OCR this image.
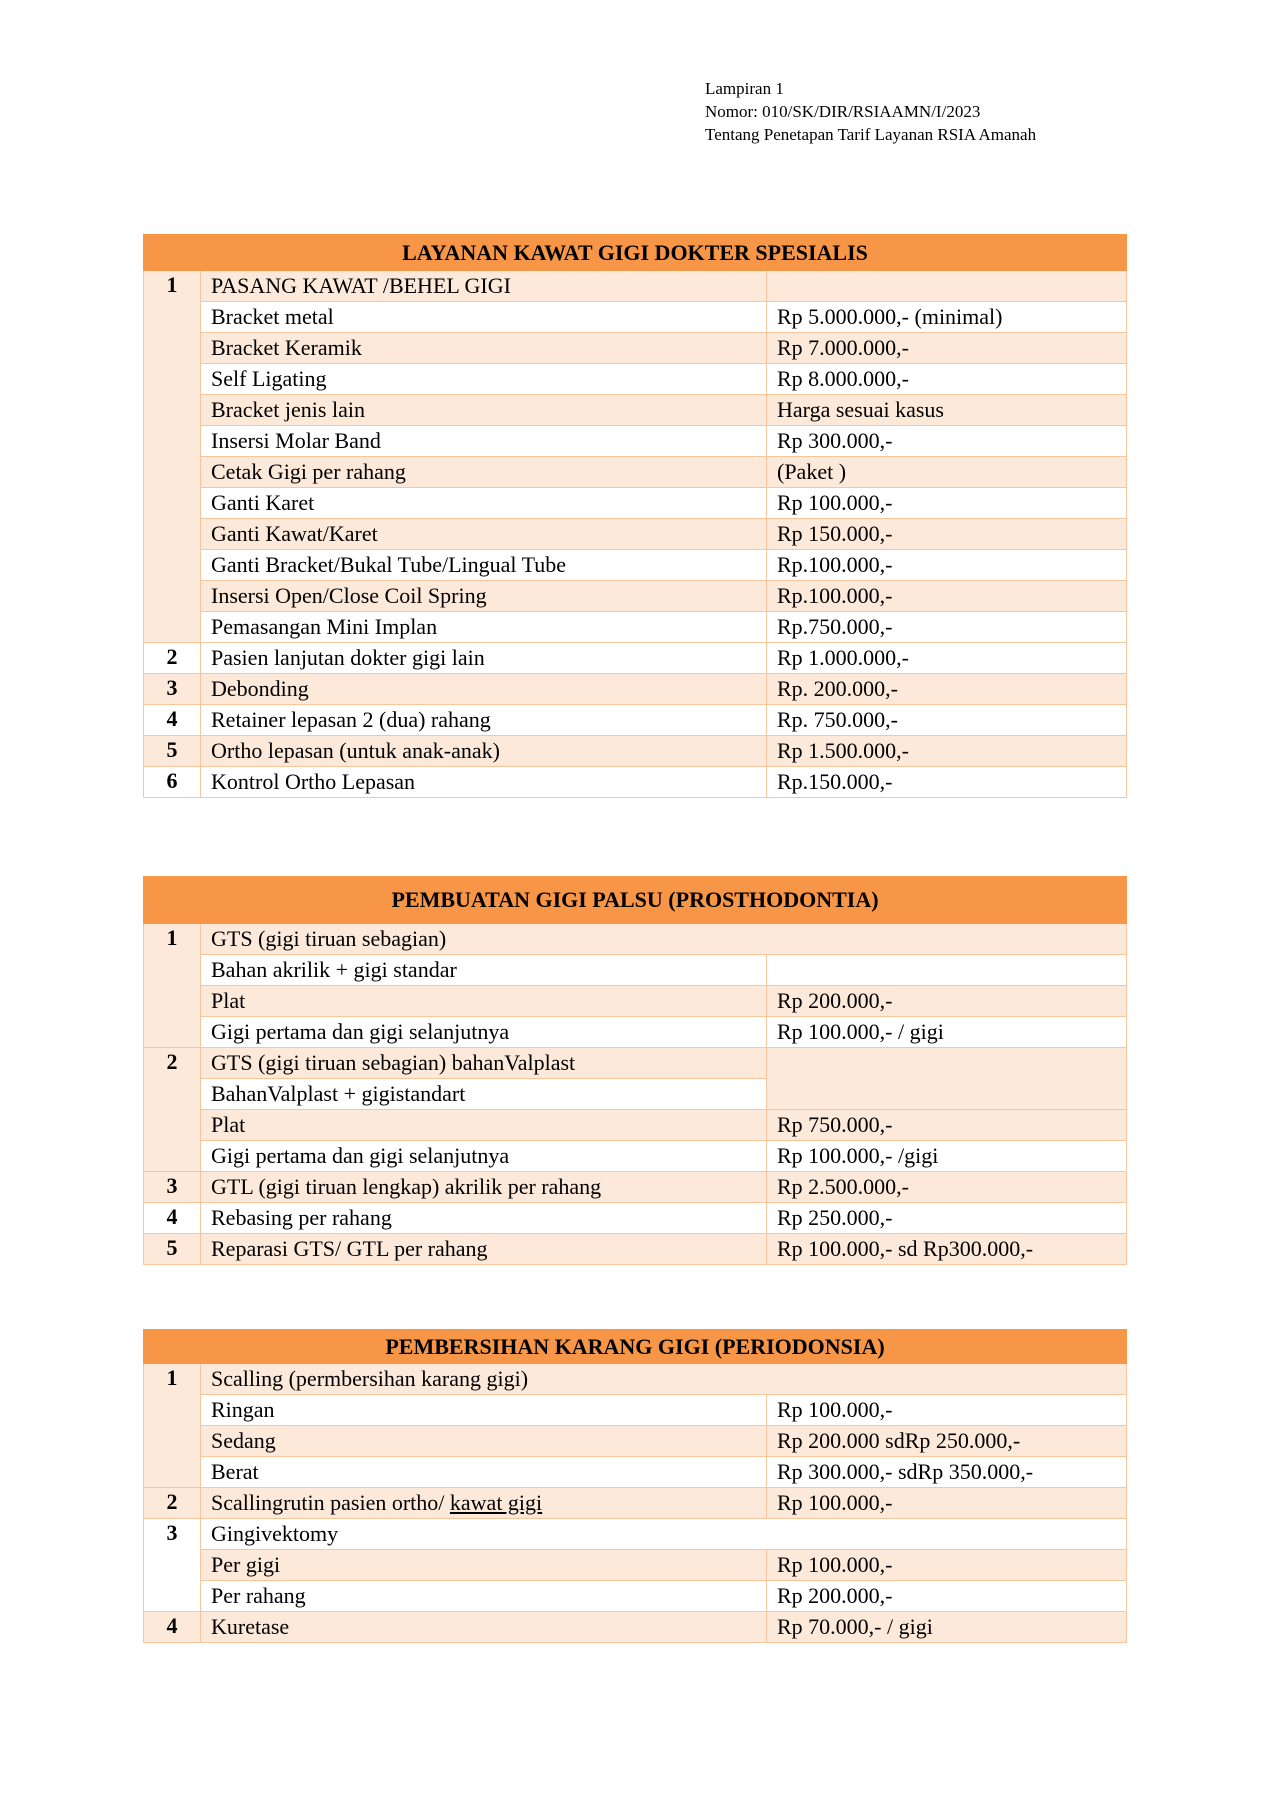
Lampiran 1
Nomor: 010/SK/DIR/RSIAAMN/I/2023
Tentang Penetapan Tarif Layanan RSIA Amanah
LAYANAN KAWAT GIGI DOKTER SPESIALIS		
1	PASANG KAWAT /BEHEL GIGI	
	Bracket metal	Rp 5.000.000,- (minimal)
	Bracket Keramik	Rp 7.000.000,-
	Self Ligating	Rp 8.000.000,-
	Bracket jenis lain	Harga sesuai kasus
	Insersi Molar Band	Rp 300.000,-
	Cetak Gigi per rahang	(Paket )
	Ganti Karet	Rp 100.000,-
	Ganti Kawat/Karet	Rp 150.000,-
	Ganti Bracket/Bukal Tube/Lingual Tube	Rp.100.000,-
	Insersi Open/Close Coil Spring	Rp.100.000,-
	Pemasangan Mini Implan	Rp.750.000,-
2	Pasien lanjutan dokter gigi lain	Rp 1.000.000,-
3	Debonding	Rp. 200.000,-
4	Retainer lepasan 2 (dua) rahang	Rp. 750.000,-
5	Ortho lepasan (untuk anak-anak)	Rp 1.500.000,-
6	Kontrol Ortho Lepasan	Rp.150.000,-
PEMBUATAN GIGI PALSU (PROSTHODONTIA)		
1	GTS (gigi tiruan sebagian)	
	Bahan akrilik + gigi standar	
	Plat	Rp 200.000,-
	Gigi pertama dan gigi selanjutnya	Rp 100.000,- / gigi
2	GTS (gigi tiruan sebagian) bahanValplast	
	BahanValplast + gigistandart	
	Plat	Rp 750.000,-
	Gigi pertama dan gigi selanjutnya	Rp 100.000,- /gigi
3	GTL (gigi tiruan lengkap) akrilik per rahang	Rp 2.500.000,-
4	Rebasing per rahang	Rp 250.000,-
5	Reparasi GTS/ GTL per rahang	Rp 100.000,- sd Rp300.000,-
PEMBERSIHAN KARANG GIGI (PERIODONSIA)		
1	Scalling (permbersihan karang gigi)	
	Ringan	Rp 100.000,-
	Sedang	Rp 200.000 sdRp 250.000,-
	Berat	Rp 300.000,- sdRp 350.000,-
2	Scallingrutin pasien ortho/ kawat gigi	Rp 100.000,-
3	Gingivektomy	
	Per gigi	Rp 100.000,-
	Per rahang	Rp 200.000,-
4	Kuretase	Rp 70.000,- / gigi
